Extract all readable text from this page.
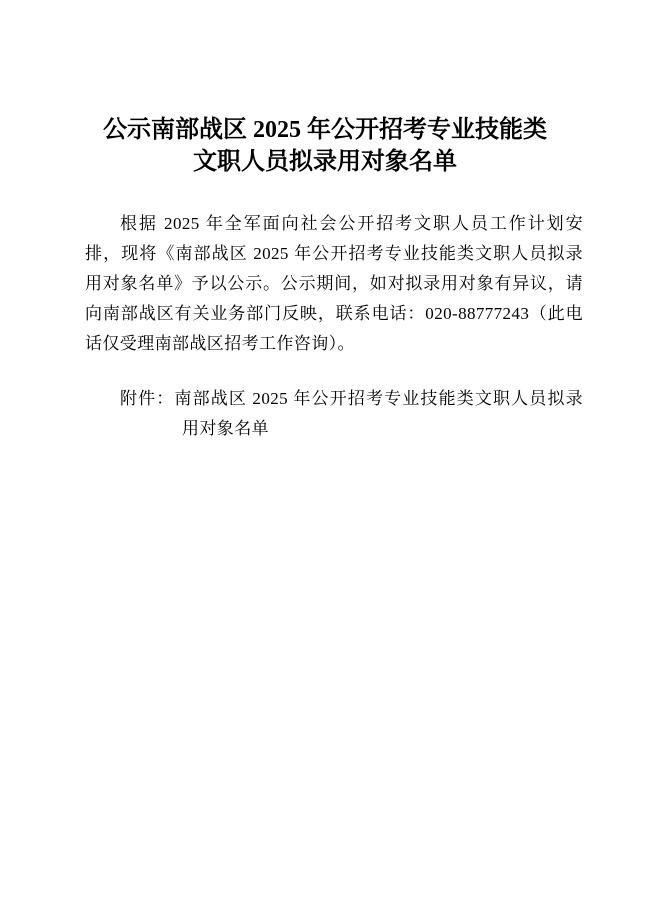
公示南部战区 2025 年公开招考专业技能类
文职人员拟录用对象名单
根据 2025 年全军面向社会公开招考文职人员工作计划安
排，现将《南部战区 2025 年公开招考专业技能类文职人员拟录
用对象名单》予以公示。公示期间，如对拟录用对象有异议，请
向南部战区有关业务部门反映，联系电话：020-88777243（此电
话仅受理南部战区招考工作咨询）。
附件：南部战区 2025 年公开招考专业技能类文职人员拟录
用对象名单
